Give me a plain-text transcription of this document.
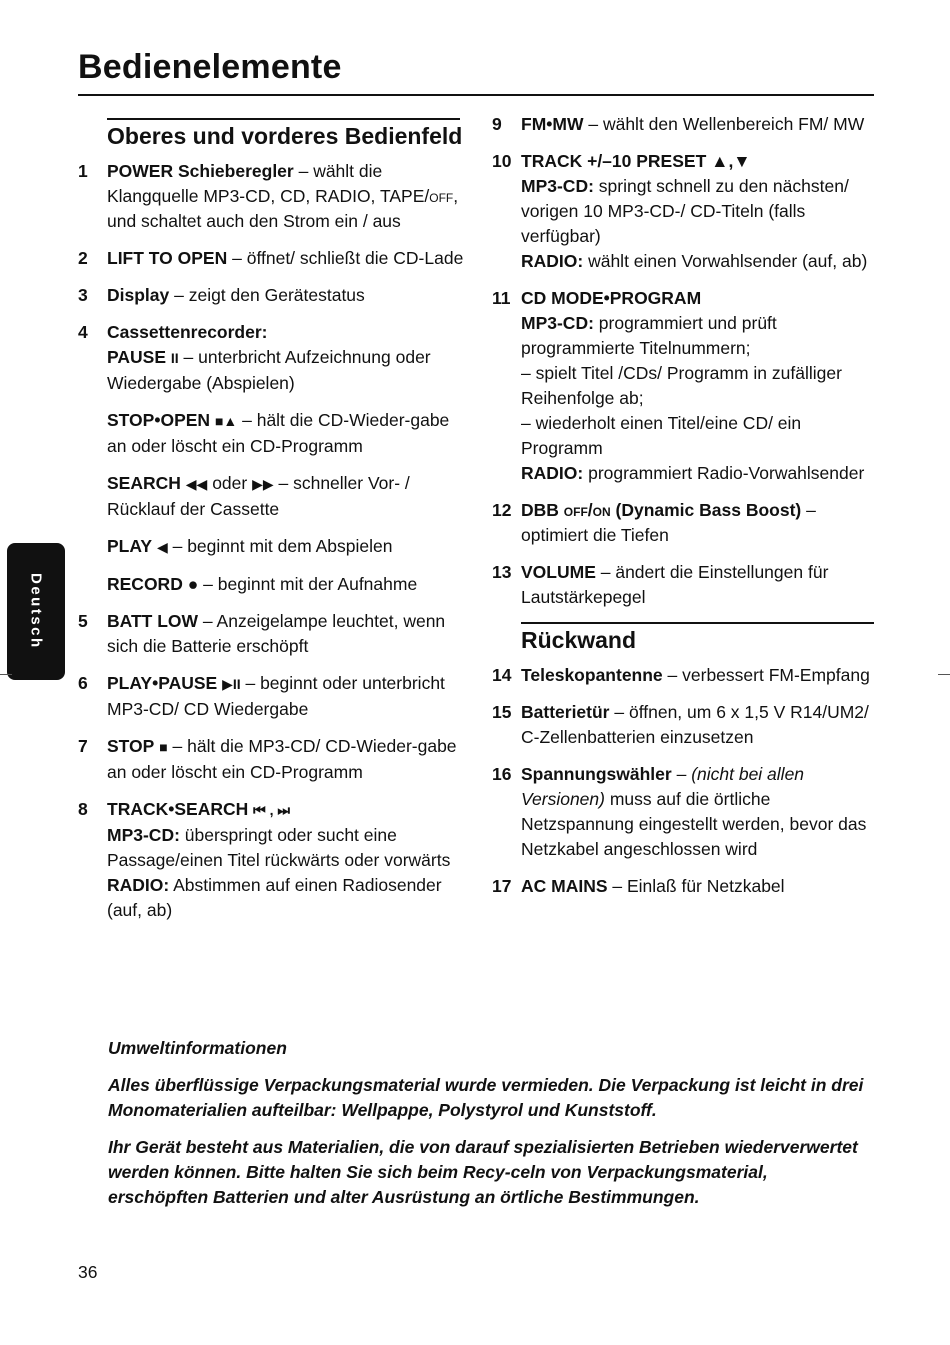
Bedienelemente
Oberes und vorderes Bedienfeld
1 POWER Schieberegler – wählt die Klangquelle MP3-CD, CD, RADIO, TAPE/off, und schaltet auch den Strom ein / aus
2 LIFT TO OPEN – öffnet/ schließt die CD-Lade
3 Display – zeigt den Gerätestatus
4 Cassettenrecorder:
PAUSE II – unterbricht Aufzeichnung oder Wiedergabe (Abspielen)
STOP•OPEN ■▲ – hält die CD-Wieder-gabe an oder löscht ein CD-Programm
SEARCH ◀◀ oder ▶▶ – schneller Vor- / Rücklauf der Cassette
PLAY ◀ – beginnt mit dem Abspielen
RECORD ● – beginnt mit der Aufnahme
5 BATT LOW – Anzeigelampe leuchtet, wenn sich die Batterie erschöpft
6 PLAY•PAUSE ▶II – beginnt oder unterbricht MP3-CD/ CD Wiedergabe
7 STOP ■ – hält die MP3-CD/ CD-Wieder-gabe an oder löscht ein CD-Programm
8 TRACK•SEARCH ⏮ , ⏭
MP3-CD: überspringt oder sucht eine Passage/einen Titel rückwärts oder vorwärts
RADIO: Abstimmen auf einen Radiosender (auf, ab)
9 FM•MW – wählt den Wellenbereich FM/ MW
10 TRACK +/–10 PRESET ▲,▼
MP3-CD: springt schnell zu den nächsten/ vorigen 10 MP3-CD-/ CD-Titeln (falls verfügbar)
RADIO: wählt einen Vorwahlsender (auf, ab)
11 CD MODE•PROGRAM
MP3-CD: programmiert und prüft programmierte Titelnummern;
– spielt Titel /CDs/ Programm in zufälliger Reihenfolge ab;
– wiederholt einen Titel/eine CD/ ein Programm
RADIO: programmiert Radio-Vorwahlsender
12 DBB off/on (Dynamic Bass Boost) – optimiert die Tiefen
13 VOLUME – ändert die Einstellungen für Lautstärkepegel
Rückwand
14 Teleskopantenne – verbessert FM-Empfang
15 Batterietür – öffnen, um 6 x 1,5 V R14/UM2/ C-Zellenbatterien einzusetzen
16 Spannungswähler – (nicht bei allen Versionen) muss auf die örtliche Netzspannung eingestellt werden, bevor das Netzkabel angeschlossen wird
17 AC MAINS – Einlaß für Netzkabel
Deutsch

Umweltinformationen

Alles überflüssige Verpackungsmaterial wurde vermieden. Die Verpackung ist leicht in drei Monomaterialien aufteilbar: Wellpappe, Polystyrol und Kunststoff.

Ihr Gerät besteht aus Materialien, die von darauf spezialisierten Betrieben wiederverwertet werden können. Bitte halten Sie sich beim Recy-celn von Verpackungsmaterial, erschöpften Batterien und alter Ausrüstung an örtliche Bestimmungen.

36
